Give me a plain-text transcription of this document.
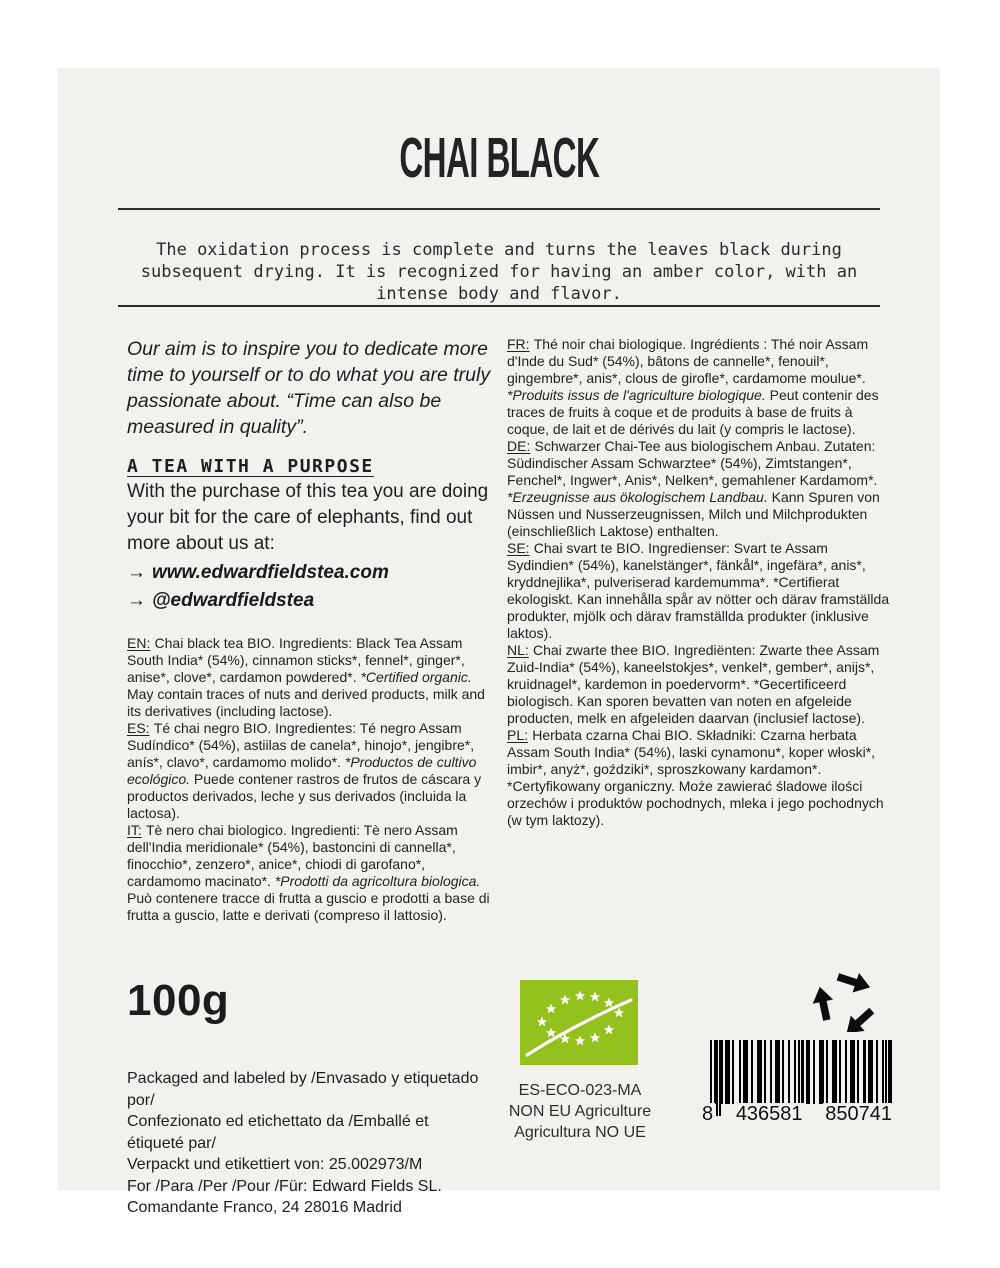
CHAI BLACK

The oxidation process is complete and turns the leaves black during subsequent drying. It is recognized for having an amber color, with an intense body and flavor.

Our aim is to inspire you to dedicate more time to yourself or to do what you are truly passionate about. “Time can also be measured in quality”.

A TEA WITH A PURPOSE

With the purchase of this tea you are doing your bit for the care of elephants, find out more about us at:

→ www.edwardfieldstea.com
→ @edwardfieldstea

EN: Chai black tea BIO. Ingredients: Black Tea Assam South India* (54%), cinnamon sticks*, fennel*, ginger*, anise*, clove*, cardamon powdered*. *Certified organic. May contain traces of nuts and derived products, milk and its derivatives (including lactose).

ES: Té chai negro BIO. Ingredientes: Té negro Assam Sudíndico* (54%), astiilas de canela*, hinojo*, jengibre*, anís*, clavo*, cardamomo molido*. *Productos de cultivo ecológico. Puede contener rastros de frutos de cáscara y productos derivados, leche y sus derivados (incluida la lactosa).

IT: Tè nero chai biologico. Ingredienti: Tè nero Assam dell'India meridionale* (54%), bastoncini di cannella*, finocchio*, zenzero*, anice*, chiodi di garofano*, cardamomo macinato*. *Prodotti da agricoltura biologica. Può contenere tracce di frutta a guscio e prodotti a base di frutta a guscio, latte e derivati (compreso il lattosio).

FR: Thé noir chai biologique. Ingrédients : Thé noir Assam d'Inde du Sud* (54%), bâtons de cannelle*, fenouil*, gingembre*, anis*, clous de girofle*, cardamome moulue*. *Produits issus de l'agriculture biologique. Peut contenir des traces de fruits à coque et de produits à base de fruits à coque, de lait et de dérivés du lait (y compris le lactose).

DE: Schwarzer Chai-Tee aus biologischem Anbau. Zutaten: Südindischer Assam Schwarztee* (54%), Zimtstangen*, Fenchel*, Ingwer*, Anis*, Nelken*, gemahlener Kardamom*. *Erzeugnisse aus ökologischem Landbau. Kann Spuren von Nüssen und Nusserzeugnissen, Milch und Milchprodukten (einschließlich Laktose) enthalten.

SE: Chai svart te BIO. Ingredienser: Svart te Assam Sydindien* (54%), kanelstänger*, fänkål*, ingefära*, anis*, kryddnejlika*, pulveriserad kardemumma*. *Certifierat ekologiskt. Kan innehålla spår av nötter och därav framställda produkter, mjölk och därav framställda produkter (inklusive laktos).

NL: Chai zwarte thee BIO. Ingrediënten: Zwarte thee Assam Zuid-India* (54%), kaneelstokjes*, venkel*, gember*, anijs*, kruidnagel*, kardemon in poedervorm*. *Gecertificeerd biologisch. Kan sporen bevatten van noten en afgeleide producten, melk en afgeleiden daarvan (inclusief lactose).

PL: Herbata czarna Chai BIO. Składniki: Czarna herbata Assam South India* (54%), laski cynamonu*, koper włoski*, imbir*, anyż*, goździki*, sproszkowany kardamon*. *Certyfikowany organiczny. Może zawierać śladowe ilości orzechów i produktów pochodnych, mleka i jego pochodnych (w tym laktozy).

100g
Packaged and labeled by /Envasado y etiquetado por/
Confezionato ed etichettato da /Emballé et étiqueté par/
Verpackt und etikettiert von: 25.002973/M
For /Para /Per /Pour /Für: Edward Fields SL.
Comandante Franco, 24 28016 Madrid
ES-ECO-023-MA
NON EU Agriculture
Agricultura NO UE
8 436581 850741
